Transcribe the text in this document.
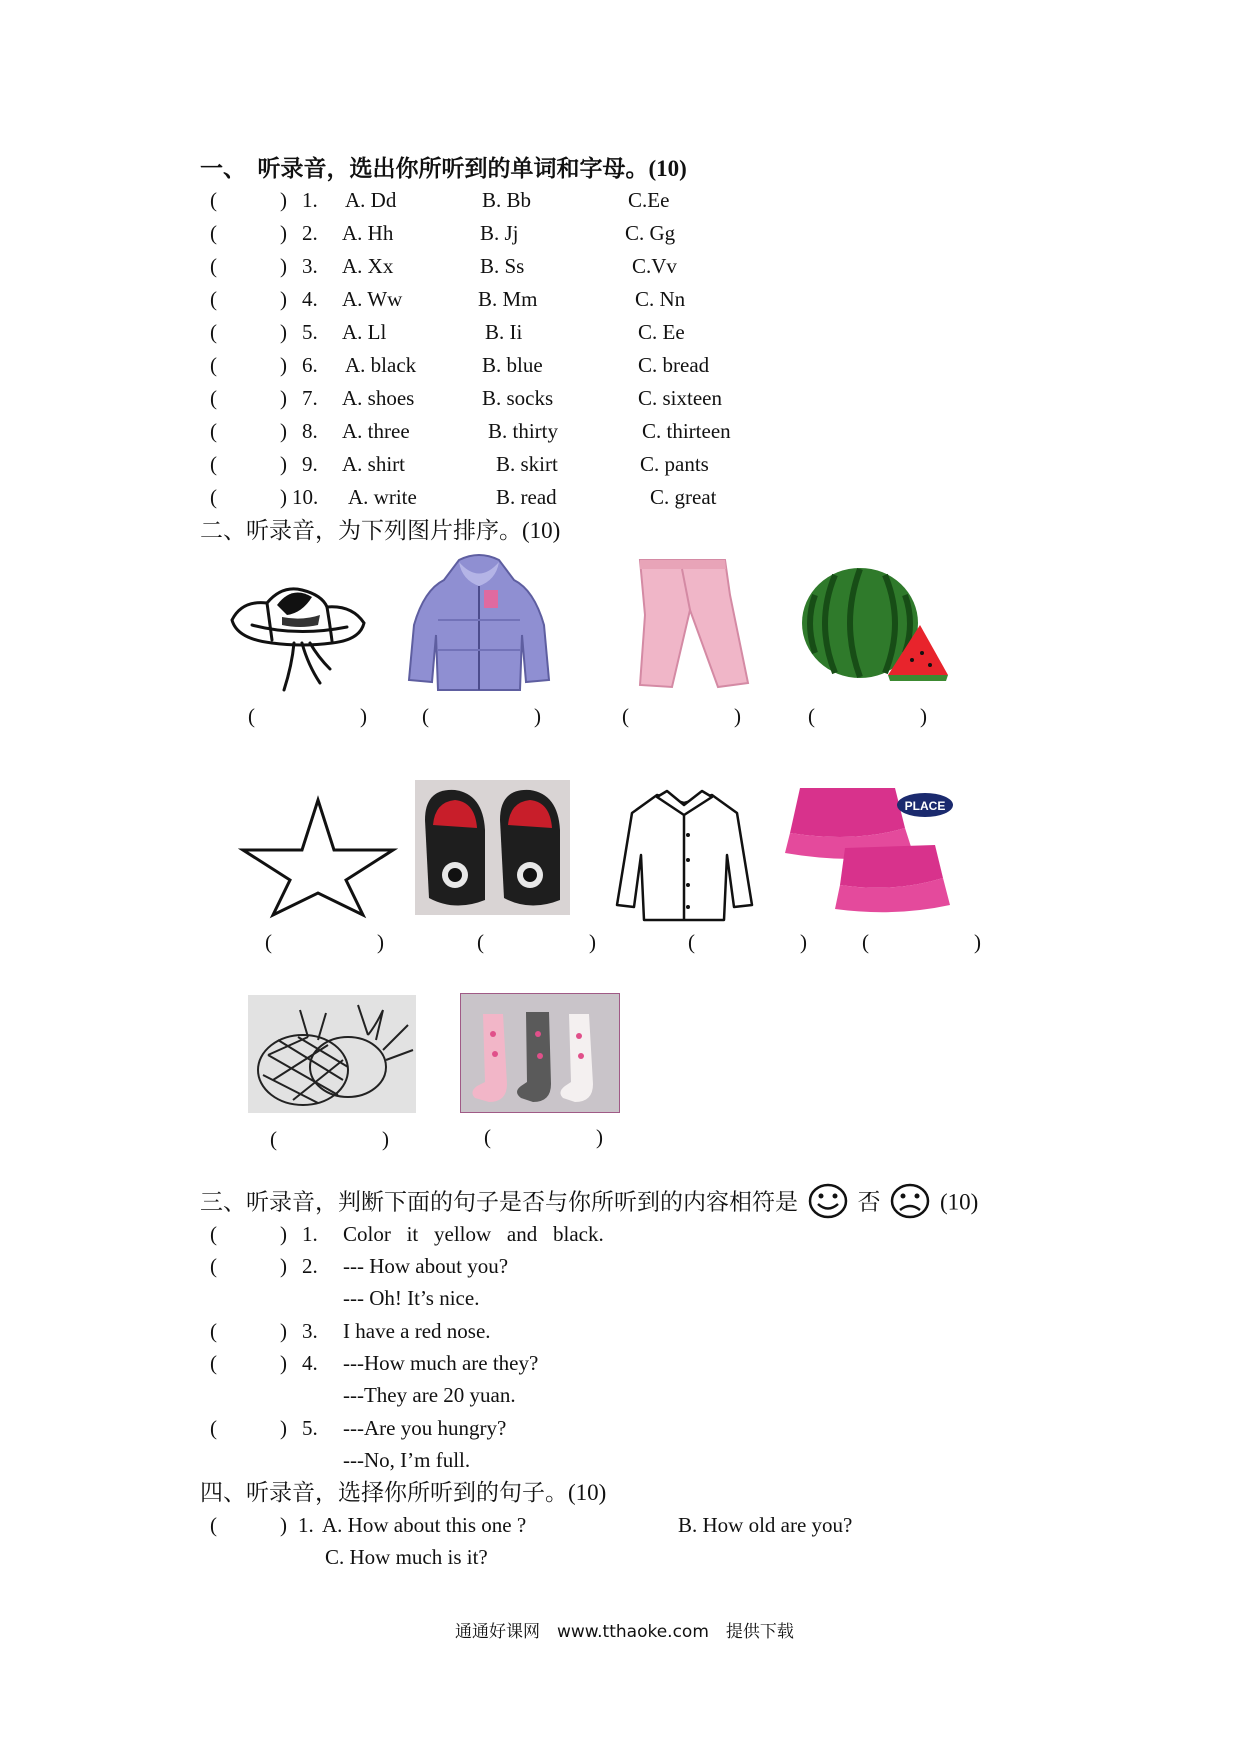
一、　听录音，选出你所听到的单词和字母。(10)
(　　　) 1. A. Dd	B. Bb	C.Ee
(　　　) 2. A. Hh	B. Jj	C. Gg
(　　　) 3. A. Xx	B. Ss	C.Vv
(　　　) 4. A. Ww	B. Mm	C. Nn
(　　　) 5. A. Ll	B. Ii	C. Ee
(　　　) 6. A. black	B. blue	C. bread
(　　　) 7. A. shoes	B. socks	C. sixteen
(　　　) 8. A. three	B. thirty	C. thirteen
(　　　) 9. A. shirt	B. skirt	C. pants
(　　　) 10. A. write	B. read	C. great
二、听录音，为下列图片排序。(10)
(　　　　　)	(　　　　　)	(　　　　　)	(　　　　　)
PLACE
(　　　　　)	(　　　　　)	(　　　　　)	(　　　　　)
(　　　　　)	(　　　　　)
三、听录音，判断下面的句子是否与你所听到的内容相符是	否	(10)
(　　　) 1. Color   it   yellow   and   black.
(　　　) 2. --- How about you?
--- Oh! It’s nice.
(　　　) 3. I have a red nose.
(　　　) 4. ---How much are they?
---They are 20 yuan.
(　　　) 5. ---Are you hungry?
---No, I’m full.
四、听录音，选择你所听到的句子。(10)
(　　　) 1. A. How about this one ?	B. How old are you?
C. How much is it?
通通好课网　www.tthaoke.com　提供下载
